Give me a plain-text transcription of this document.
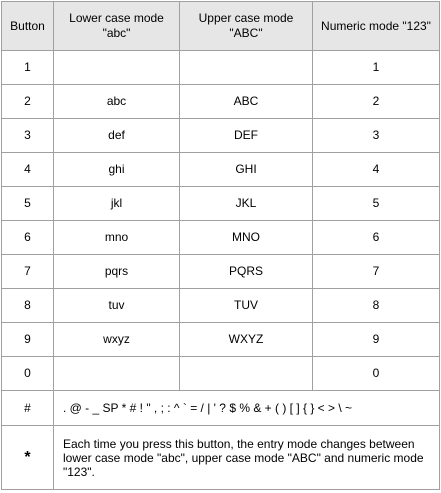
Button	Lower case mode "abc"	Upper case mode "ABC"	Numeric mode "123"
1			1
2	abc	ABC	2
3	def	DEF	3
4	ghi	GHI	4
5	jkl	JKL	5
6	mno	MNO	6
7	pqrs	PQRS	7
8	tuv	TUV	8
9	wxyz	WXYZ	9
0			0
#	. @ - _ SP * # ! " , ; : ^ ` = / | ' ? $ % & + ( ) [ ] { } < > \ ~		
*	Each time you press this button, the entry mode changes between lower case mode "abc", upper case mode "ABC" and numeric mode "123".		
